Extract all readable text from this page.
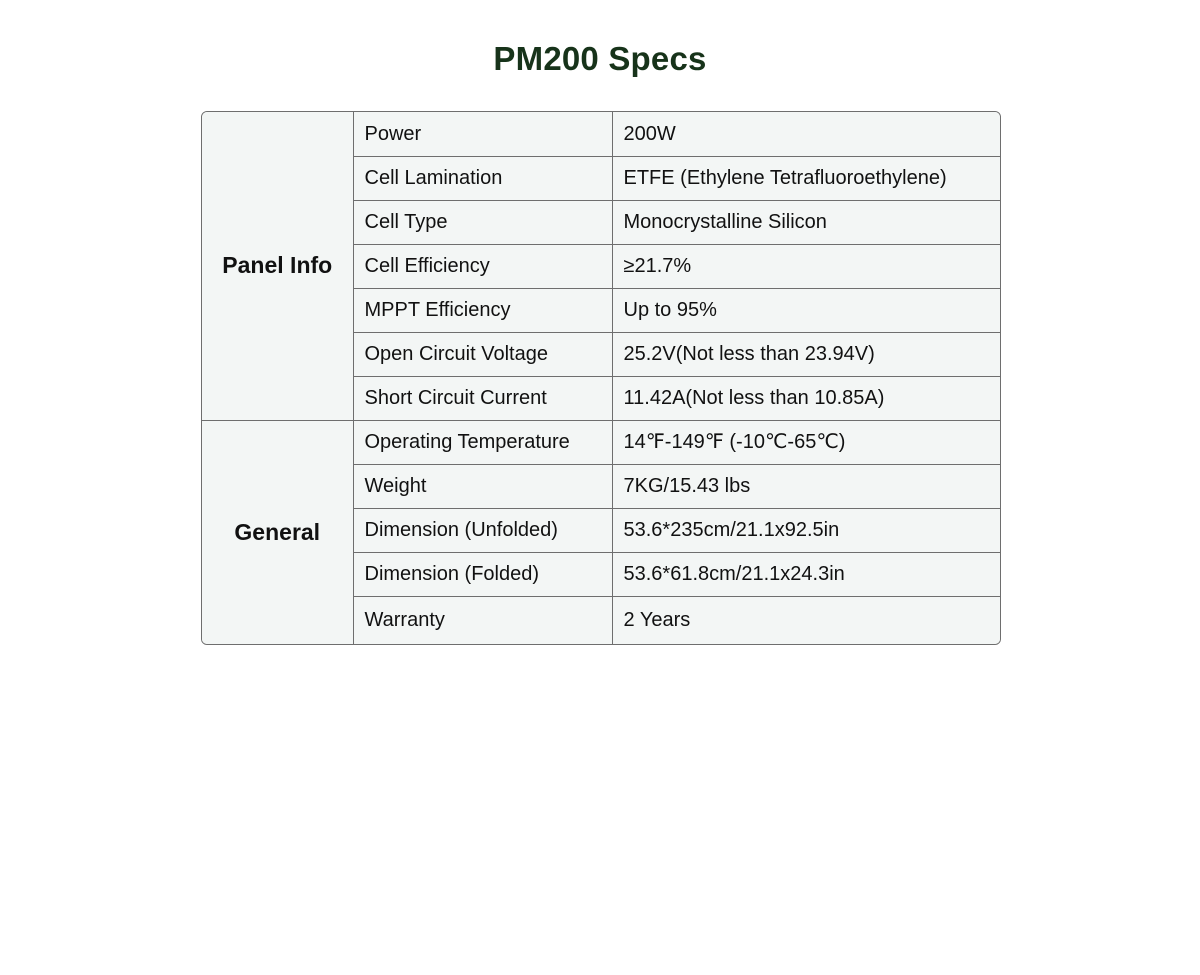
PM200 Specs
Panel Info	Power	200W
	Cell Lamination	ETFE (Ethylene Tetrafluoroethylene)
	Cell Type	Monocrystalline Silicon
	Cell Efficiency	≥21.7%
	MPPT Efficiency	Up to 95%
	Open Circuit Voltage	25.2V(Not less than 23.94V)
	Short Circuit Current	11.42A(Not less than 10.85A)
General	Operating Temperature	14℉-149℉ (-10℃-65℃)
	Weight	7KG/15.43 lbs
	Dimension (Unfolded)	53.6*235cm/21.1x92.5in
	Dimension (Folded)	53.6*61.8cm/21.1x24.3in
	Warranty	2 Years
